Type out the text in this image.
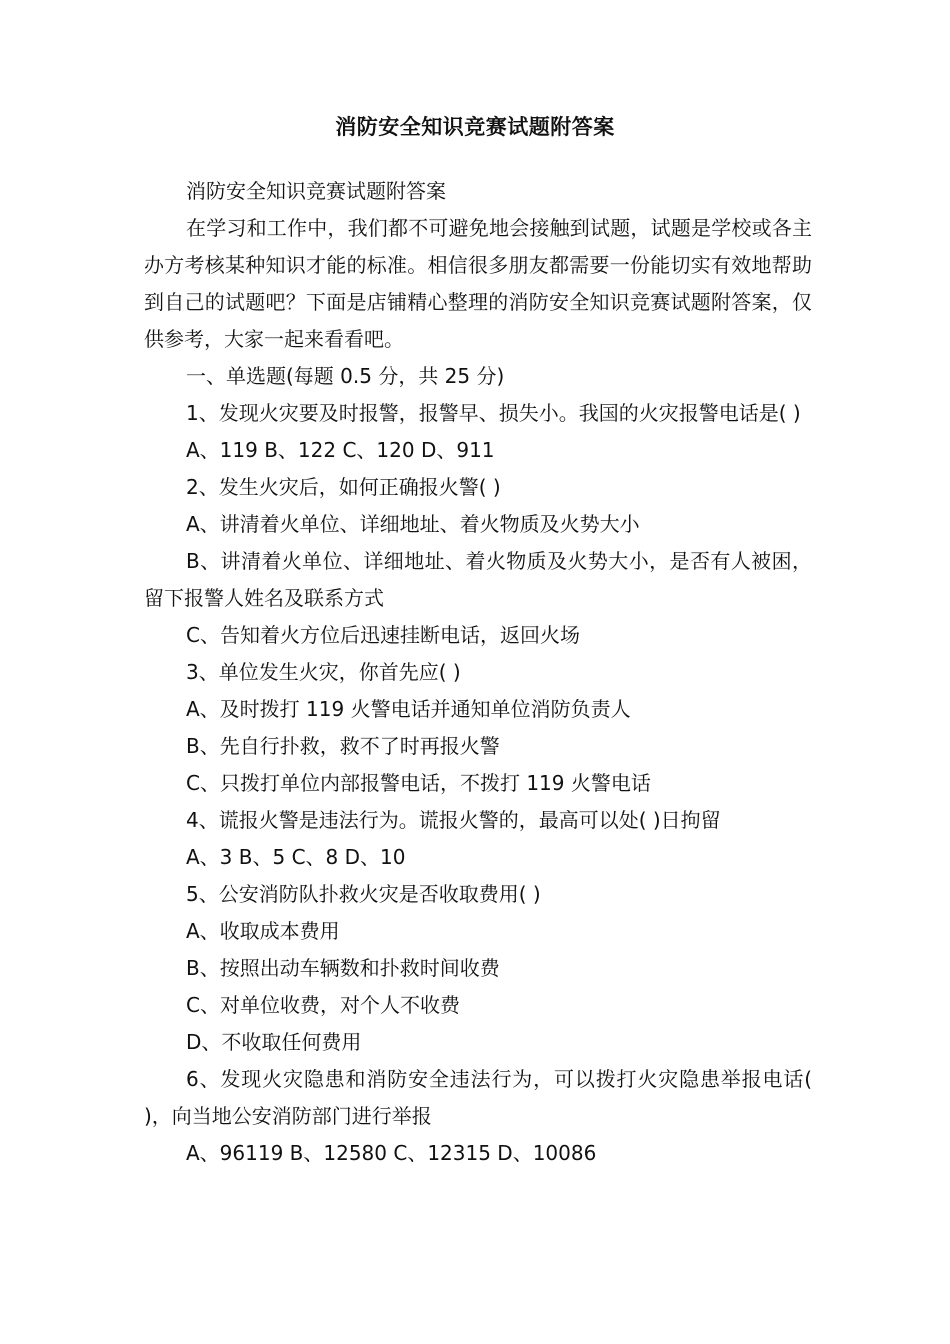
消防安全知识竞赛试题附答案

消防安全知识竞赛试题附答案

在学习和工作中，我们都不可避免地会接触到试题，试题是学校或各主办方考核某种知识才能的标准。相信很多朋友都需要一份能切实有效地帮助到自己的试题吧？下面是店铺精心整理的消防安全知识竞赛试题附答案，仅供参考，大家一起来看看吧。

一、单选题(每题 0.5 分，共 25 分)

1、发现火灾要及时报警，报警早、损失小。我国的火灾报警电话是( )

A、119 B、122 C、120 D、911

2、发生火灾后，如何正确报火警( )

A、讲清着火单位、详细地址、着火物质及火势大小

B、讲清着火单位、详细地址、着火物质及火势大小，是否有人被困，留下报警人姓名及联系方式

C、告知着火方位后迅速挂断电话，返回火场

3、单位发生火灾，你首先应( )

A、及时拨打 119 火警电话并通知单位消防负责人

B、先自行扑救，救不了时再报火警

C、只拨打单位内部报警电话，不拨打 119 火警电话

4、谎报火警是违法行为。谎报火警的，最高可以处( )日拘留

A、3 B、5 C、8 D、10

5、公安消防队扑救火灾是否收取费用( )

A、收取成本费用

B、按照出动车辆数和扑救时间收费

C、对单位收费，对个人不收费

D、不收取任何费用

6、发现火灾隐患和消防安全违法行为，可以拨打火灾隐患举报电话( )，向当地公安消防部门进行举报

A、96119 B、12580 C、12315 D、10086
